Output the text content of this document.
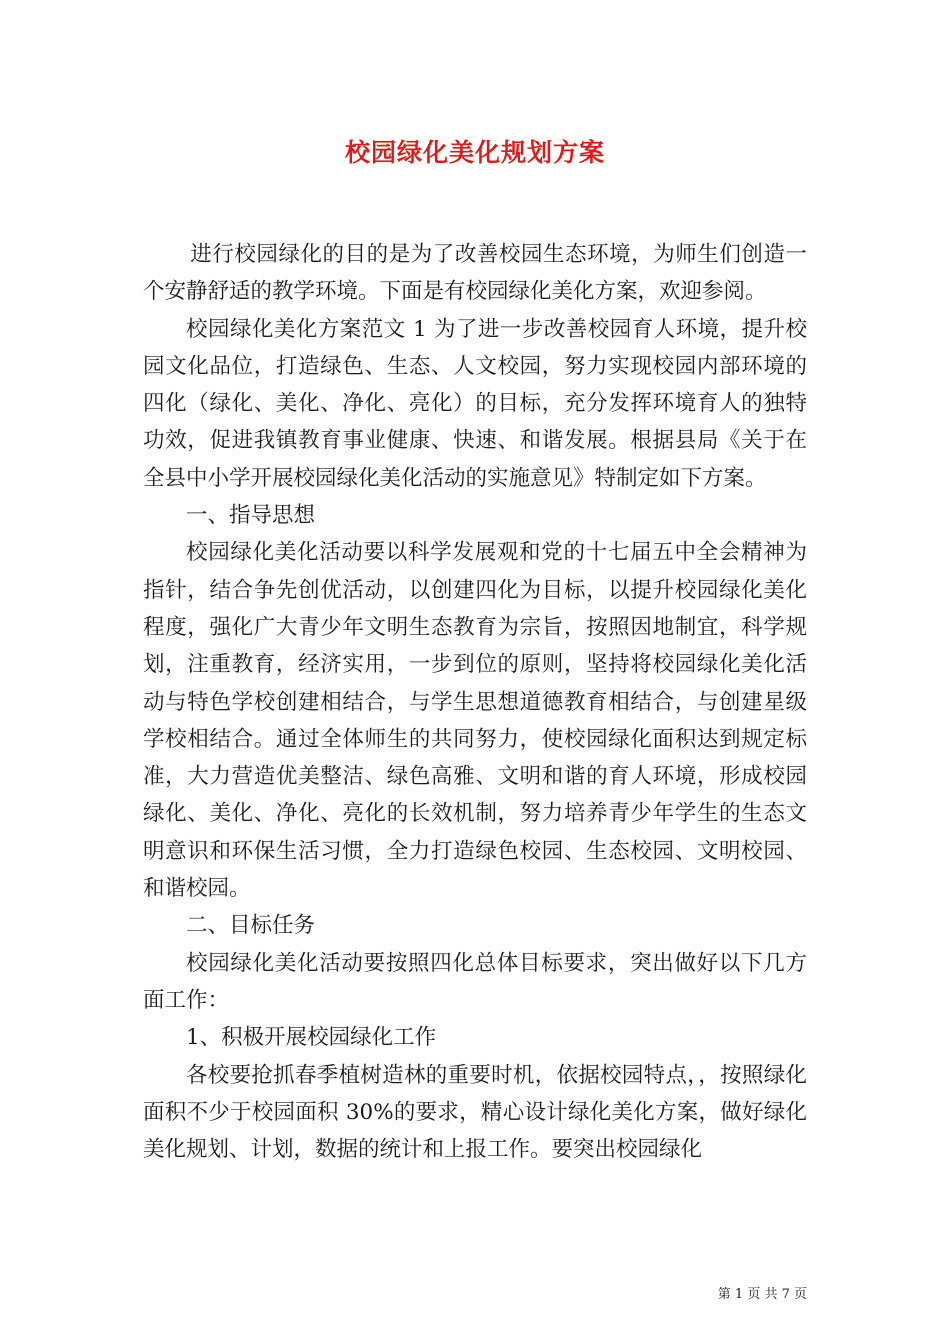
校园绿化美化规划方案

进行校园绿化的目的是为了改善校园生态环境，为师生们创造一个安静舒适的教学环境。下面是有校园绿化美化方案，欢迎参阅。

校园绿化美化方案范文 1 为了进一步改善校园育人环境，提升校园文化品位，打造绿色、生态、人文校园，努力实现校园内部环境的四化（绿化、美化、净化、亮化）的目标，充分发挥环境育人的独特功效，促进我镇教育事业健康、快速、和谐发展。根据县局《关于在全县中小学开展校园绿化美化活动的实施意见》特制定如下方案。

一、指导思想

校园绿化美化活动要以科学发展观和党的十七届五中全会精神为指针，结合争先创优活动，以创建四化为目标，以提升校园绿化美化程度，强化广大青少年文明生态教育为宗旨，按照因地制宜，科学规划，注重教育，经济实用，一步到位的原则，坚持将校园绿化美化活动与特色学校创建相结合，与学生思想道德教育相结合，与创建星级学校相结合。通过全体师生的共同努力，使校园绿化面积达到规定标准，大力营造优美整洁、绿色高雅、文明和谐的育人环境，形成校园绿化、美化、净化、亮化的长效机制，努力培养青少年学生的生态文明意识和环保生活习惯，全力打造绿色校园、生态校园、文明校园、和谐校园。

二、目标任务

校园绿化美化活动要按照四化总体目标要求，突出做好以下几方面工作：

1、积极开展校园绿化工作

各校要抢抓春季植树造林的重要时机，依据校园特点，，按照绿化面积不少于校园面积 30%的要求，精心设计绿化美化方案，做好绿化美化规划、计划，数据的统计和上报工作。要突出校园绿化

第 1 页 共 7 页
